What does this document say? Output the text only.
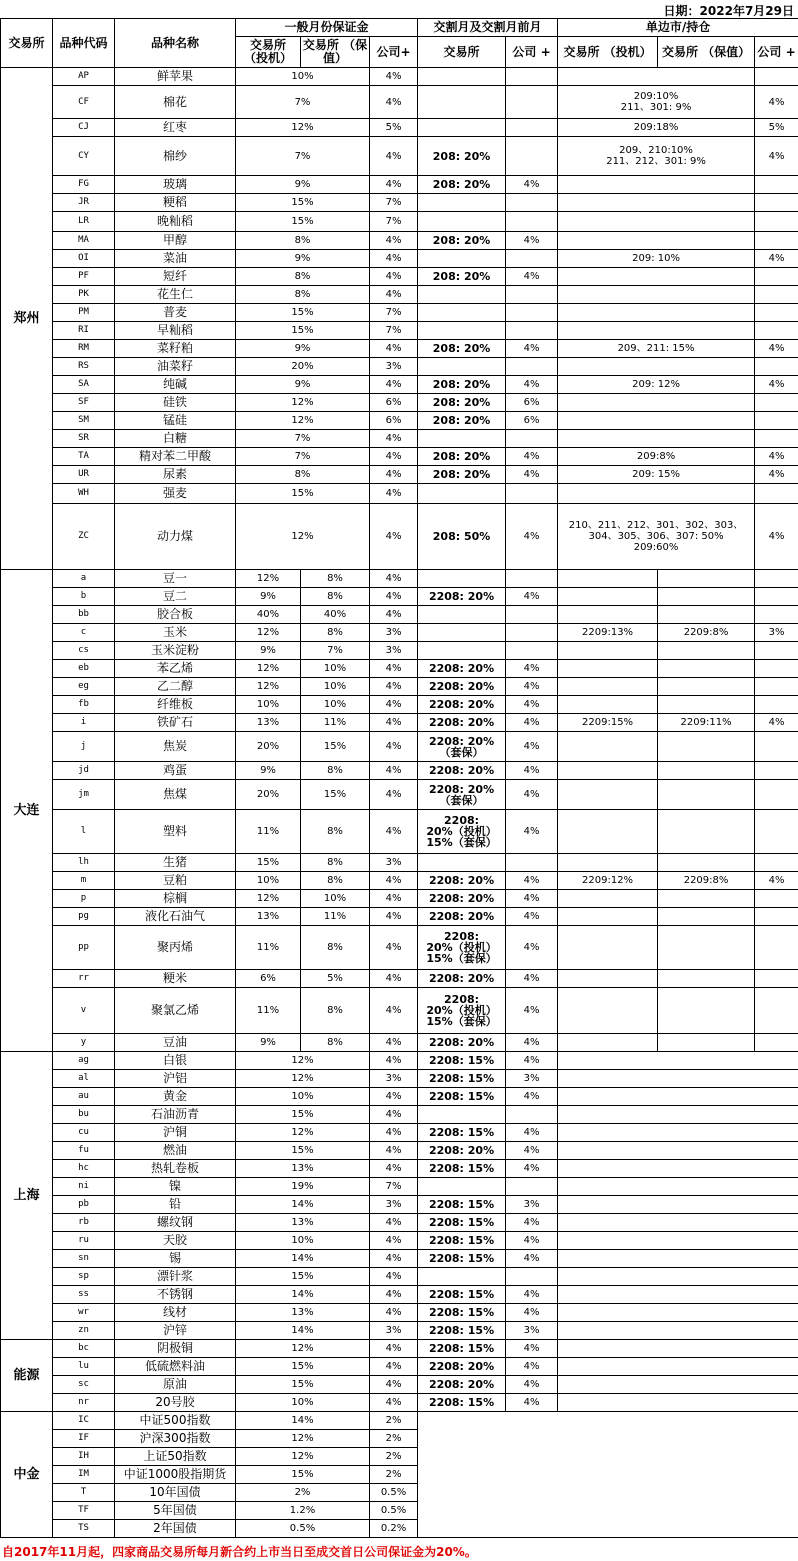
日期：2022年7月29日
交易所	品种代码	品种名称	一般月份保证金			交割月及交割月前月		单边市/持仓		
			交易所 （投机）	交易所 （保值）	公司+	交易所	公司 +	交易所 （投机）	交易所 （保值）	公司 +
郑州	AP	鲜苹果	10%		4%					
	CF	棉花	7%		4%			209:10%
211、301: 9%		4%
	CJ	红枣	12%		5%			209:18%		5%
	CY	棉纱	7%		4%	208: 20%		209、210:10%
211、212、301: 9%		4%
	FG	玻璃	9%		4%	208: 20%	4%			
	JR	粳稻	15%		7%					
	LR	晚籼稻	15%		7%					
	MA	甲醇	8%		4%	208: 20%	4%			
	OI	菜油	9%		4%			209: 10%		4%
	PF	短纤	8%		4%	208: 20%	4%			
	PK	花生仁	8%		4%					
	PM	普麦	15%		7%					
	RI	早籼稻	15%		7%					
	RM	菜籽粕	9%		4%	208: 20%	4%	209、211: 15%		4%
	RS	油菜籽	20%		3%					
	SA	纯碱	9%		4%	208: 20%	4%	209: 12%		4%
	SF	硅铁	12%		6%	208: 20%	6%			
	SM	锰硅	12%		6%	208: 20%	6%			
	SR	白糖	7%		4%					
	TA	精对苯二甲酸	7%		4%	208: 20%	4%	209:8%		4%
	UR	尿素	8%		4%	208: 20%	4%	209: 15%		4%
	WH	强麦	15%		4%					
	ZC	动力煤	12%		4%	208: 50%	4%	210、211、212、301、302、303、
304、305、306、307: 50%
209:60%		4%
大连	a	豆一	12%	8%	4%					
	b	豆二	9%	8%	4%	2208: 20%	4%			
	bb	胶合板	40%	40%	4%					
	c	玉米	12%	8%	3%			2209:13%	2209:8%	3%
	cs	玉米淀粉	9%	7%	3%					
	eb	苯乙烯	12%	10%	4%	2208: 20%	4%			
	eg	乙二醇	12%	10%	4%	2208: 20%	4%			
	fb	纤维板	10%	10%	4%	2208: 20%	4%			
	i	铁矿石	13%	11%	4%	2208: 20%	4%	2209:15%	2209:11%	4%
	j	焦炭	20%	15%	4%	2208: 20%
（套保）	4%			
	jd	鸡蛋	9%	8%	4%	2208: 20%	4%			
	jm	焦煤	20%	15%	4%	2208: 20%
（套保）	4%			
	l	塑料	11%	8%	4%	2208:
20%（投机）
15%（套保）	4%			
	lh	生猪	15%	8%	3%					
	m	豆粕	10%	8%	4%	2208: 20%	4%	2209:12%	2209:8%	4%
	p	棕榈	12%	10%	4%	2208: 20%	4%			
	pg	液化石油气	13%	11%	4%	2208: 20%	4%			
	pp	聚丙烯	11%	8%	4%	2208:
20%（投机）
15%（套保）	4%			
	rr	粳米	6%	5%	4%	2208: 20%	4%			
	v	聚氯乙烯	11%	8%	4%	2208:
20%（投机）
15%（套保）	4%			
	y	豆油	9%	8%	4%	2208: 20%	4%			
上海	ag	白银	12%		4%	2208: 15%	4%			
	al	沪铝	12%		3%	2208: 15%	3%			
	au	黄金	10%		4%	2208: 15%	4%			
	bu	石油沥青	15%		4%					
	cu	沪铜	12%		4%	2208: 15%	4%			
	fu	燃油	15%		4%	2208: 20%	4%			
	hc	热轧卷板	13%		4%	2208: 15%	4%			
	ni	镍	19%		7%					
	pb	铅	14%		3%	2208: 15%	3%			
	rb	螺纹钢	13%		4%	2208: 15%	4%			
	ru	天胶	10%		4%	2208: 15%	4%			
	sn	锡	14%		4%	2208: 15%	4%			
	sp	漂针浆	15%		4%					
	ss	不锈钢	14%		4%	2208: 15%	4%			
	wr	线材	13%		4%	2208: 15%	4%			
	zn	沪锌	14%		3%	2208: 15%	3%			
能源	bc	阴极铜	12%		4%	2208: 15%	4%			
	lu	低硫燃料油	15%		4%	2208: 20%	4%			
	sc	原油	15%		4%	2208: 20%	4%			
	nr	20号胶	10%		4%	2208: 15%	4%			
中金	IC	中证500指数	14%		2%					
	IF	沪深300指数	12%		2%					
	IH	上证50指数	12%		2%					
	IM	中证1000股指期货	15%		2%					
	T	10年国债	2%		0.5%					
	TF	5年国债	1.2%		0.5%					
	TS	2年国债	0.5%		0.2%					
自2017年11月起，四家商品交易所每月新合约上市当日至成交首日公司保证金为20%。
